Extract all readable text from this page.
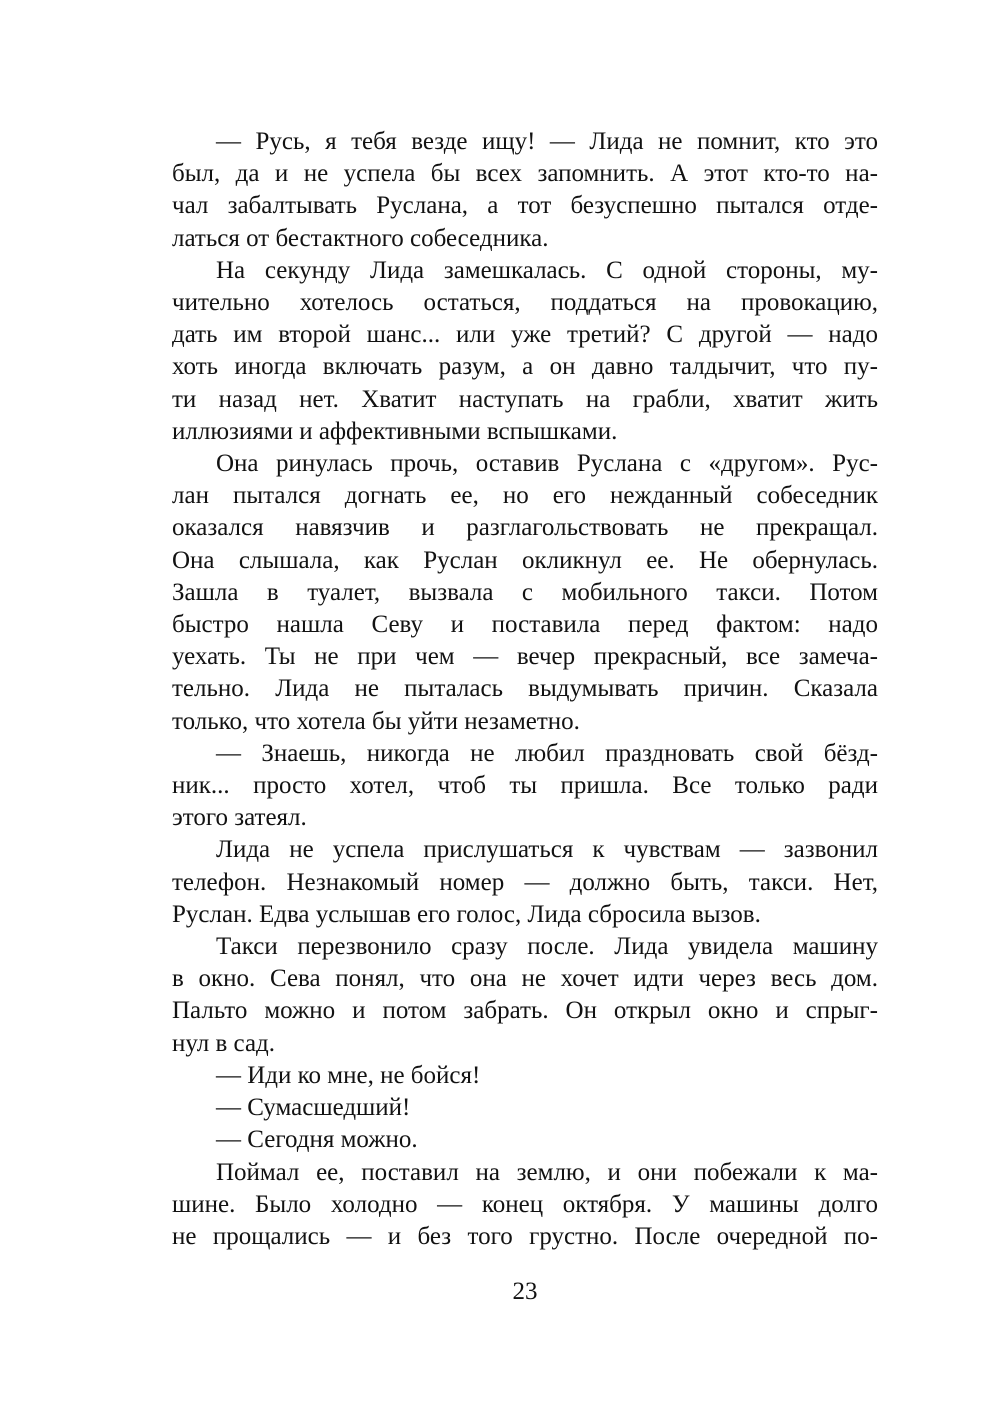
— Русь, я тебя везде ищу! — Лида не помнит, кто это
был, да и не успела бы всех запомнить. А этот кто-то на-
чал забалтывать Руслана, а тот безуспешно пытался отде-
латься от бестактного собеседника.
На секунду Лида замешкалась. С одной стороны, му-
чительно хотелось остаться, поддаться на провокацию,
дать им второй шанс... или уже третий? С другой — надо
хоть иногда включать разум, а он давно талдычит, что пу-
ти назад нет. Хватит наступать на грабли, хватит жить
иллюзиями и аффективными вспышками.
Она ринулась прочь, оставив Руслана с «другом». Рус-
лан пытался догнать ее, но его нежданный собеседник
оказался навязчив и разглагольствовать не прекращал.
Она слышала, как Руслан окликнул ее. Не обернулась.
Зашла в туалет, вызвала с мобильного такси. Потом
быстро нашла Севу и поставила перед фактом: надо
уехать. Ты не при чем — вечер прекрасный, все замеча-
тельно. Лида не пыталась выдумывать причин. Сказала
только, что хотела бы уйти незаметно.
— Знаешь, никогда не любил праздновать свой бёзд-
ник... просто хотел, чтоб ты пришла. Все только ради
этого затеял.
Лида не успела прислушаться к чувствам — зазвонил
телефон. Незнакомый номер — должно быть, такси. Нет,
Руслан. Едва услышав его голос, Лида сбросила вызов.
Такси перезвонило сразу после. Лида увидела машину
в окно. Сева понял, что она не хочет идти через весь дом.
Пальто можно и потом забрать. Он открыл окно и спрыг-
нул в сад.
— Иди ко мне, не бойся!
— Сумасшедший!
— Сегодня можно.
Поймал ее, поставил на землю, и они побежали к ма-
шине. Было холодно — конец октября. У машины долго
не прощались — и без того грустно. После очередной по-
23
